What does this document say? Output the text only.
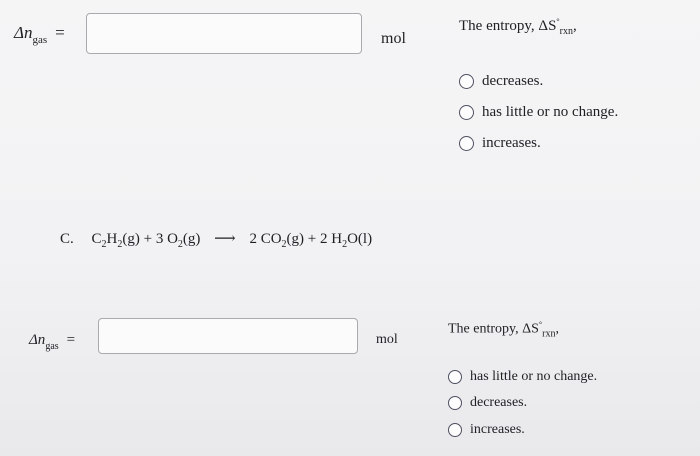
$\Delta n_{gas}$ =	mol
The entropy, $\Delta S^\circ_{rxn}$,
decreases.
has little or no change.
increases.
C. $C_2H_2(g) + 3$ $O_2(g)$ ⟶ 2 $CO_2(g) + 2$ $H_2O(l)$
$\Delta n_{gas}$ =	mol
The entropy, $\Delta S^\circ_{rxn}$,
has little or no change.
decreases.
increases.
